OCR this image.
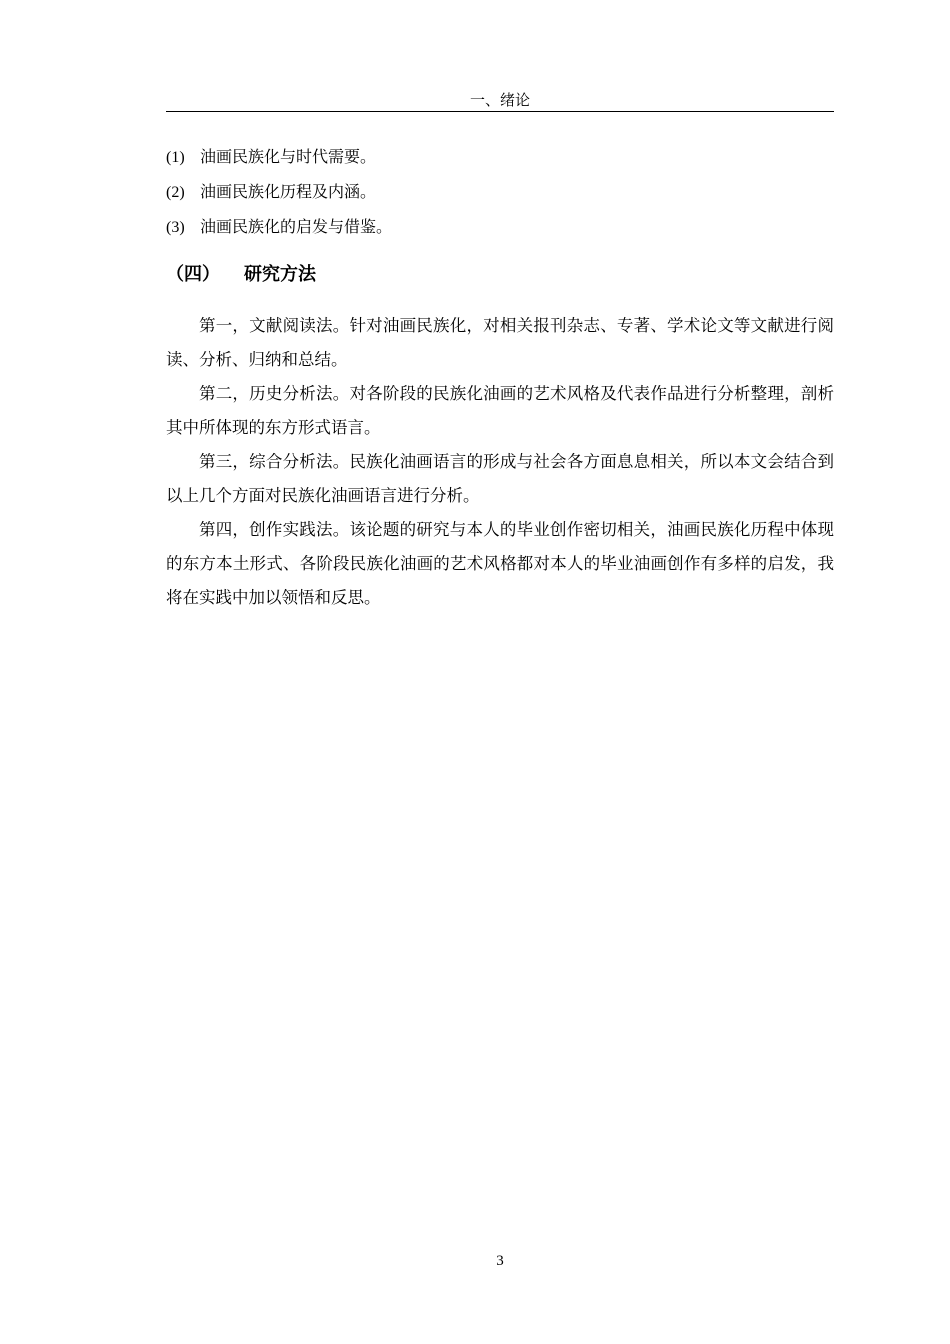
一、绪论
(1) 油画民族化与时代需要。
(2) 油画民族化历程及内涵。
(3) 油画民族化的启发与借鉴。
（四） 研究方法

第一，文献阅读法。针对油画民族化，对相关报刊杂志、专著、学术论文等文献进行阅读、分析、归纳和总结。

第二，历史分析法。对各阶段的民族化油画的艺术风格及代表作品进行分析整理，剖析其中所体现的东方形式语言。

第三，综合分析法。民族化油画语言的形成与社会各方面息息相关，所以本文会结合到以上几个方面对民族化油画语言进行分析。

第四，创作实践法。该论题的研究与本人的毕业创作密切相关，油画民族化历程中体现的东方本土形式、各阶段民族化油画的艺术风格都对本人的毕业油画创作有多样的启发，我将在实践中加以领悟和反思。

3
